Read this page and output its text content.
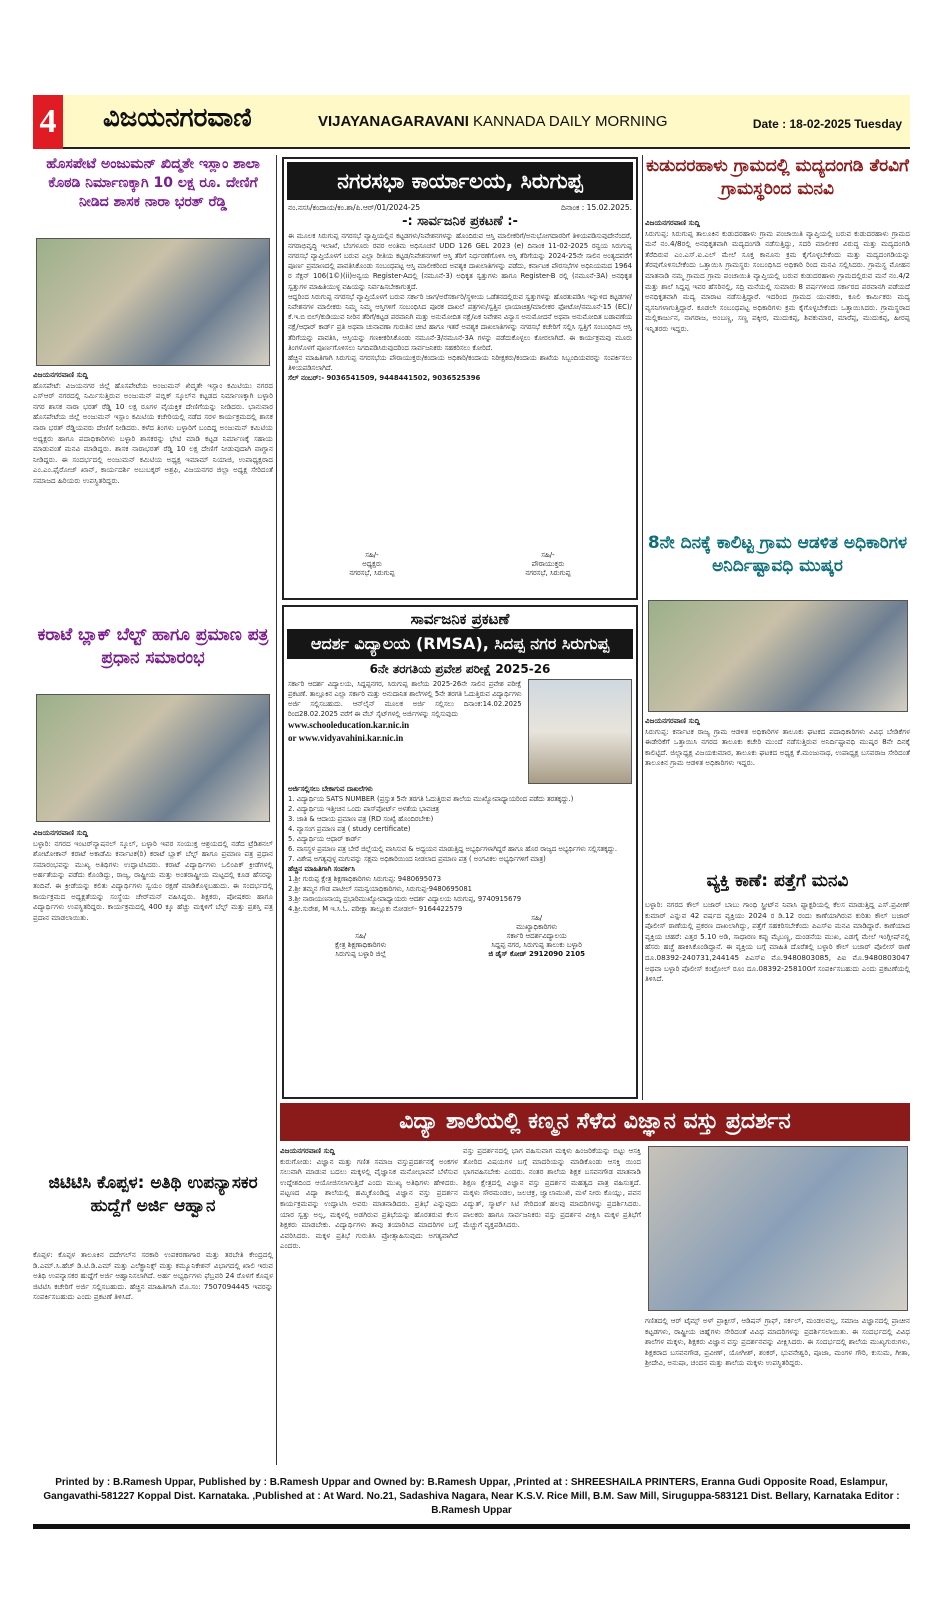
4 ವಿಜಯನಗರವಾಣಿ	VIJAYANAGARAVANI KANNADA DAILY MORNING	Date : 18-02-2025 Tuesday
ಹೊಸಪೇಟೆ ಅಂಜುಮನ್ ಖಿದ್ಮತೇ ಇಸ್ಲಾಂ ಶಾಲಾ ಕೊಠಡಿ ನಿರ್ಮಾಣಕ್ಕಾಗಿ 10 ಲಕ್ಷ ರೂ. ದೇಣಿಗೆ ನೀಡಿದ ಶಾಸಕ ನಾರಾ ಭರತ್ ರೆಡ್ಡಿ
ವಿಜಯನಗರವಾಣಿ ಸುದ್ದಿ
ಹೊಸಪೇಟೆ: ವಿಜಯನಗರ ಜಿಲ್ಲೆ ಹೊಸಪೇಟೆಯ ಅಂಜುಮನ್ ಖಿದ್ಮತೇ ಇಸ್ಲಾಂ ಕಮಿಟಿಯು ನಗರದ ಎಸ್‌ಆರ್ ನಗರದಲ್ಲಿ ನಿರ್ಮಿಸುತ್ತಿರುವ ಅಂಜುಮನ್ ಪಬ್ಲಿಕ್ ಸ್ಕೂಲ್‌ನ ಕಟ್ಟಡದ ನಿರ್ಮಾಣಕ್ಕಾಗಿ ಬಳ್ಳಾರಿ ನಗರ ಶಾಸಕ ನಾರಾ ಭರತ್ ರೆಡ್ಡಿ 10 ಲಕ್ಷ ರೂಗಳ ವೈಯಕ್ತಿಕ ದೇಣಿಗೆಯನ್ನು ನೀಡಿದರು. ಭಾನುವಾರ ಹೊಸಪೇಟೆಯ ಜಿಲ್ಲೆ ಅಂಜುಮನ್ ಇಸ್ಲಾಂ ಕಮಿಟಿಯ ಕಚೇರಿಯಲ್ಲಿ ನಡೆದ ಸರಳ ಕಾರ್ಯಕ್ರಮದಲ್ಲಿ ಶಾಸಕ ನಾರಾ ಭರತ್ ರೆಡ್ಡಿಯವರು ದೇಣಿಗೆ ನೀಡಿದರು. ಕಳೆದ ತಿಂಗಳು ಬಳ್ಳಾರಿಗೆ ಬಂದಿದ್ದ ಅಂಜುಮನ್ ಕಮಿಟಿಯ ಅಧ್ಯಕ್ಷರು ಹಾಗೂ ಪದಾಧಿಕಾರಿಗಳು ಬಳ್ಳಾರಿ ಶಾಸಕರನ್ನು ಭೇಟಿ ಮಾಡಿ ಕಟ್ಟಡ ನಿರ್ಮಾಣಕ್ಕೆ ಸಹಾಯ ಮಾಡುವಂತೆ ಮನವಿ ಮಾಡಿದ್ದರು. ಶಾಸಕ ನಾರಾಭರತ್ ರೆಡ್ಡಿ 10 ಲಕ್ಷ ದೇಣಿಗೆ ನೀಡುವುದಾಗಿ ವಾಗ್ದಾನ ನೀಡಿದ್ದರು. ಈ ಸಂದರ್ಭದಲ್ಲಿ ಅಂಜುಮನ್ ಕಮಿಟಿಯ ಅಧ್ಯಕ್ಷ ಇಮಾಮ್ ನಿಯಾಜಿ, ಉಪಾಧ್ಯಕ್ಷರಾದ ಎಂ.ಎಂ.ಫೈರೋಜ್ ಖಾನ್, ಕಾರ್ಯದರ್ಶಿ ಅಬುಬಕ್ಕರ್ ಅಶ್ರಫಿ, ವಿಜಯನಗರ ಜಿಲ್ಲಾ ಅಧ್ಯಕ್ಷ ಸೇರಿದಂತೆ ಸಮಾಜದ ಹಿರಿಯರು ಉಪಸ್ಥಿತರಿದ್ದರು.
ಕರಾಟೆ ಬ್ಲಾಕ್ ಬೆಲ್ಟ್ ಹಾಗೂ ಪ್ರಮಾಣ ಪತ್ರ ಪ್ರಧಾನ ಸಮಾರಂಭ
ವಿಜಯನಗರವಾಣಿ ಸುದ್ದಿ
ಬಳ್ಳಾರಿ: ನಗರದ ಇಂಟರ್‌ನ್ಯಾಷನಲ್ ಸ್ಕೂಲ್, ಬಳ್ಳಾರಿ ಇವರ ಸಂಯುಕ್ತ ಆಶ್ರಯದಲ್ಲಿ ನಡೆದ ಟ್ರೆಡಿಶನಲ್ ಶೋಟೋಕಾನ್ ಕರಾಟೆ ಅಕಾಡೆಮಿ ಕರ್ನಾಟಕ(ರಿ) ಕರಾಟೆ ಬ್ಲಾಕ್ ಬೆಲ್ಟ್ ಹಾಗೂ ಪ್ರಮಾಣ ಪತ್ರ ಪ್ರಧಾನ ಸಮಾರಂಭವನ್ನು ಮುಖ್ಯ ಅತಿಥಿಗಳು ಉದ್ಘಾಟಿಸಿದರು. ಕರಾಟೆ ವಿದ್ಯಾರ್ಥಿಗಳು ಒಲಿಂಪಿಕ್ ಕ್ರೀಡೆಗಳಲ್ಲಿ ಅರ್ಹತೆಯನ್ನು ಪಡೆದು ಕೊಂಡಿದ್ದು, ರಾಜ್ಯ, ರಾಷ್ಟ್ರೀಯ ಮತ್ತು ಅಂತರಾಷ್ಟ್ರೀಯ ಮಟ್ಟದಲ್ಲಿ ಕೂಡ ಹೆಸರನ್ನು ತಂದಿವೆ. ಈ ಕ್ರೀಡೆಯನ್ನು ಕಲಿತು ವಿದ್ಯಾರ್ಥಿಗಳು ಸ್ವಯಂ ರಕ್ಷಣೆ ಮಾಡಿಕೊಳ್ಳಬಹುದು. ಈ ಸಂದರ್ಭದಲ್ಲಿ ಕಾರ್ಯಕ್ರಮದ ಅಧ್ಯಕ್ಷತೆಯನ್ನು ಸಂಸ್ಥೆಯ ಚೇರ್‌ಮನ್ ವಹಿಸಿದ್ದರು. ಶಿಕ್ಷಕರು, ಪೋಷಕರು ಹಾಗೂ ವಿದ್ಯಾರ್ಥಿಗಳು ಉಪಸ್ಥಿತರಿದ್ದರು. ಕಾರ್ಯಕ್ರಮದಲ್ಲಿ 400 ಕ್ಕೂ ಹೆಚ್ಚು ಮಕ್ಕಳಿಗೆ ಬೆಲ್ಟ್ ಮತ್ತು ಪ್ರಶಸ್ತಿ ಪತ್ರ ಪ್ರದಾನ ಮಾಡಲಾಯಿತು.
ಜಿಟಿಟಿಸಿ ಕೊಪ್ಪಳ: ಅತಿಥಿ ಉಪನ್ಯಾಸಕರ ಹುದ್ದೆಗೆ ಅರ್ಜಿ ಆಹ್ವಾನ
ಕೊಪ್ಪಳ: ಕೊಪ್ಪಳ ತಾಲೂಕಿನ ದದೇಗಲ್‌ನ ಸರಕಾರಿ ಉಪಕರಣಾಗಾರ ಮತ್ತು ತರಬೇತಿ ಕೇಂದ್ರದಲ್ಲಿ ಡಿ.ಎಮ್.ಸಿ.ಹೆಚ್ ಡಿ.ಟಿ.ಡಿ.ಎಮ್ ಮತ್ತು ಎಲೆಕ್ಟ್ರಾನಿಕ್ಸ್ ಮತ್ತು ಕಮ್ಯೂನಿಕೇಶನ್ ವಿಭಾಗದಲ್ಲಿ ಖಾಲಿ ಇರುವ ಅತಿಥಿ ಉಪನ್ಯಾಸಕರ ಹುದ್ದೆಗೆ ಅರ್ಜಿ ಆಹ್ವಾನಿಸಲಾಗಿದೆ. ಅರ್ಹ ಅಭ್ಯರ್ಥಿಗಳು ಫೆಬ್ರವರಿ 24 ರೊಳಗೆ ಕೊಪ್ಪಳ ಜಿಟಿಟಿಸಿ ಕಚೇರಿಗೆ ಅರ್ಜಿ ಸಲ್ಲಿಸಬಹುದು. ಹೆಚ್ಚಿನ ಮಾಹಿತಿಗಾಗಿ ಮೊ.ಸಂ: 7507094445 ಇವರನ್ನು ಸಂಪರ್ಕಿಸಬಹುದು ಎಂದು ಪ್ರಕಟಣೆ ತಿಳಿಸಿದೆ.
ನಗರಸಭಾ ಕಾರ್ಯಾಲಯ, ಸಿರುಗುಪ್ಪ
ನಂ.ನಸಸಿ/ಕಂದಾಯ/ಕಂ.ಶಾ/ಪಿ.ಆರ್/01/2024-25	ದಿನಾಂಕ : 15.02.2025.
-: ಸಾರ್ವಜನಿಕ ಪ್ರಕಟಣೆ :-

ಈ ಮೂಲಕ ಸಿರುಗುಪ್ಪ ನಗರಸಭೆ ವ್ಯಾಪ್ತಿಯಲ್ಲಿನ ಕಟ್ಟಡಗಳು/ನಿವೇಶನಗಳನ್ನು ಹೊಂದಿರುವ ಆಸ್ತಿ ಮಾಲೀಕರಿಗೆ/ಅನುಭೋಗದಾರರಿಗೆ ತಿಳಿಯಪಡಿಸುವುದೇನೆಂದರೆ, ನಗರಾಭಿವೃದ್ಧಿ ಇಲಾಖೆ, ಬೆಂಗಳೂರು ರವರ ಅಂತಿಮ ಅಧಿಸೂಚನೆ UDD 126 GEL 2023 (e) ದಿನಾಂಕ 11-02-2025 ರನ್ವಯ ಸಿರುಗುಪ್ಪ ನಗರಸಭೆ ವ್ಯಾಪ್ತಿಯೊಳಗೆ ಬರುವ ಎಲ್ಲಾ ರೀತಿಯ ಕಟ್ಟಡ/ನಿವೇಶನಗಳಿಗೆ ಆಸ್ತಿ ತೆರಿಗೆ ನಿರ್ಧರಣೆಗೊಳಿಸಿ ಆಸ್ತಿ ತೆರಿಗೆಯನ್ನು 2024-25ನೇ ಸಾಲಿನ ಅಂತ್ಯದವರೆಗೆ ಪೂರ್ಣ ಪ್ರಮಾಣದಲ್ಲಿ ಪಾವತಿಸಿಕೊಂಡು ಸಂಬಂಧಪಟ್ಟ ಆಸ್ತಿ ಮಾಲೀಕರಿಂದ ಅವಶ್ಯಕ ದಾಖಲಾತಿಗಳನ್ನು ಪಡೆದು, ಕರ್ನಾಟಕ ಪೌರಸಭೆಗಳ ಅಧಿನಿಯಮದ 1964 ರ ಸೆಕ್ಷನ್ 106(1©)(ii)ಅನ್ವಯ Register-Aದಲ್ಲಿ (ನಮೂನೆ-3) ಅಧಿಕೃತ ಸ್ವತ್ತುಗಳು ಹಾಗೂ Register-B ರಲ್ಲಿ (ನಮೂನೆ-3A) ಅನಧಿಕೃತ ಸ್ವತ್ತುಗಳ ಮಾಹಿತಿಯುಳ್ಳ ವಹಿಯನ್ನು ನಿರ್ವಹಿಸಬೇಕಾಗುತ್ತದೆ.

ಆದ್ದರಿಂದ ಸಿರುಗುಪ್ಪ ನಗರಸಭೆ ವ್ಯಾಪ್ತಿಯೊಳಗೆ ಬರುವ ಸರ್ಕಾರಿ ಜಾಗ/ಅರೆಸರ್ಕಾರಿ/ಸ್ಥಳೀಯ ಒಡೆತನದಲ್ಲಿರುವ ಸ್ವತ್ತುಗಳನ್ನು ಹೊರತುಪಡಿಸಿ ಇನ್ನುಳಿದ ಕಟ್ಟಡಗಳ/ನಿವೇಶನಗಳ ಮಾಲೀಕರು ನಿಮ್ಮ ನಿಮ್ಮ ಆಸ್ತಿಗಳಿಗೆ ಸಂಬಂಧಿಸಿದ ಪೂರಕ ದಾಖಲೆ ಪತ್ರಗಳು/ಸ್ವತ್ತಿನ ಛಾಯಾಚಿತ್ರ/ಮಾಲೀಕರ ಫೋಟೋ/ನಮೂನೆ-15 (EC)/ ಕೆ.ಇ.ಬಿ ಬಿಲ್/ಕುಡಿಯುವ ನೀರಿನ ತೆರಿಗೆ/ಕಟ್ಟಡ ಪರವಾನಿಗಿ ಮತ್ತು ಅನುಮೋದಿತ ನಕ್ಷೆ/ಏಕ ನಿವೇಶನ ವಿನ್ಯಾಸ ಅನುಮೋದನೆ ಅಥವಾ ಅನುಮೋದಿತ ಬಡಾವಣೆಯ ನಕ್ಷೆ/ಆಧಾರ್ ಕಾರ್ಡ್ ಪ್ರತಿ ಅಥವಾ ಚುನಾವಣಾ ಗುರುತಿನ ಚೀಟಿ ಹಾಗೂ ಇತರೆ ಅವಶ್ಯಕ ದಾಖಲಾತಿಗಳನ್ನು ನಗರಸಭೆ ಕಚೇರಿಗೆ ಸಲ್ಲಿಸಿ ಸ್ವತ್ತಿಗೆ ಸಂಬಂಧಿಸಿದ ಆಸ್ತಿ ತೆರಿಗೆಯನ್ನು ಪಾವತಿಸಿ, ಆಸ್ತಿಯನ್ನು ಗಣಕೀಕರಿಸಿಕೊಂಡು ನಮೂನೆ-3/ನಮೂನೆ-3A ಗಳನ್ನು ಪಡೆದುಕೊಳ್ಳಲು ಕೋರಲಾಗಿದೆ. ಈ ಕಾರ್ಯಕ್ರಮವು ಮೂರು ತಿಂಗಳೊಳಗೆ ಪೂರ್ಣಗೊಳಿಸಲು ನಿಗದಿಪಡಿಸಿರುವುದರಿಂದ ಸಾರ್ವಜನಿಕರು ಸಹಕರಿಸಲು ಕೋರಿದೆ.

ಹೆಚ್ಚಿನ ಮಾಹಿತಿಗಾಗಿ ಸಿರುಗುಪ್ಪ ನಗರಸಭೆಯ ಪೌರಾಯುಕ್ತರು/ಕಂದಾಯ ಅಧಿಕಾರಿ/ಕಂದಾಯ ನಿರೀಕ್ಷಕರು/ಕಂದಾಯ ಶಾಖೆಯ ಸಿಬ್ಬಂದಿಯವರನ್ನು ಸಂಪರ್ಕಿಸಲು ತಿಳಿಯಪಡಿಸಲಾಗಿದೆ.

ಸೆಲ್ ನಂಬರ್:- 9036541509, 9448441502, 9036525396

ಸಹಿ/-
ಅಧ್ಯಕ್ಷರು
ನಗರಸಭೆ, ಸಿರುಗುಪ್ಪ
ಸಹಿ/-
ಪೌರಾಯುಕ್ತರು
ನಗರಸಭೆ, ಸಿರುಗುಪ್ಪ
ಸಾರ್ವಜನಿಕ ಪ್ರಕಟಣೆ
ಆದರ್ಶ ವಿದ್ಯಾಲಯ (RMSA), ಸಿದಪ್ಪ ನಗರ ಸಿರುಗುಪ್ಪ
6ನೇ ತರಗತಿಯ ಪ್ರವೇಶ ಪರೀಕ್ಷೆ 2025-26
ಸರ್ಕಾರಿ ಆದರ್ಶ ವಿದ್ಯಾಲಯ, ಸಿದ್ದಪ್ಪನಗರ, ಸಿರುಗುಪ್ಪ ಶಾಲೆಯ 2025-26ನೇ ಸಾಲಿನ ಪ್ರವೇಶ ಪರೀಕ್ಷೆ ಪ್ರಕಟಣೆ. ತಾಲ್ಲೂಕಿನ ಎಲ್ಲಾ ಸರ್ಕಾರಿ ಮತ್ತು ಅನುದಾನಿತ ಶಾಲೆಗಳಲ್ಲಿ 5ನೇ ತರಗತಿ ಓದುತ್ತಿರುವ ವಿದ್ಯಾರ್ಥಿಗಳು ಅರ್ಜಿ ಸಲ್ಲಿಸಬಹುದು. ಆನ್‌ಲೈನ್ ಮೂಲಕ ಅರ್ಜಿ ಸಲ್ಲಿಸಲು ದಿನಾಂಕ:14.02.2025 ರಿಂದ28.02.2025 ವರೆಗೆ ಈ ವೆಬ್ ಸೈಟ್‌ಗಳಲ್ಲಿ ಅರ್ಜಿಗಳನ್ನು ಸಲ್ಲಿಸುವುದು
www.schooleducation.kar.nic.in
or www.vidyavahini.kar.nic.in
ಅರ್ಜಿಸಲ್ಲಿಸಲು ಬೇಕಾಗುವ ದಾಖಲೆಗಳು
1. ವಿದ್ಯಾರ್ಥಿಯ SATS NUMBER (ಪ್ರಸ್ತುತ 5ನೇ ತರಗತಿ ಓದುತ್ತಿರುವ ಶಾಲೆಯ ಮುಖ್ಯೋಪಾಧ್ಯಾಯರಿಂದ ಪಡೆದು ತರತಕ್ಕದ್ದು.)
2. ವಿದ್ಯಾರ್ಥಿಯ ಇತ್ತೀಚಿನ ಒಂದು ಪಾಸ್‌ಪೋರ್ಟ್ ಅಳತೆಯ ಭಾವಚಿತ್ರ
3. ಜಾತಿ & ಆದಾಯ ಪ್ರಮಾಣ ಪತ್ರ (RD ಸಂಖ್ಯೆ ಹೊಂದಿರಬೇಕು)
4. ವ್ಯಾಸಂಗ ಪ್ರಮಾಣ ಪತ್ರ ( study certificate)
5. ವಿದ್ಯಾರ್ಥಿಯ ಆಧಾರ್ ಕಾರ್ಡ್
6. ವಾಸಸ್ಥಳ ಪ್ರಮಾಣ ಪತ್ರ ಬೇರೆ ಜಿಲ್ಲೆಯಲ್ಲಿ ವಾಸಿಸುವ & ಅಧ್ಯಯನ ಮಾಡುತ್ತಿದ್ದ ಅಭ್ಯರ್ಥಿಗಳಾಗಿದ್ದರೆ ಹಾಗೂ ಹೊರ ರಾಜ್ಯದ ಅಭ್ಯರ್ಥಿಗಳು ಸಲ್ಲಿಸತಕ್ಕದ್ದು.
7. ವಿಶೇಷ ಅಗತ್ಯವುಳ್ಳ ಮಗುವನ್ನು ಸಕ್ಷಮ ಅಧಿಕಾರಿಯಿಂದ ನೀಡಲಾದ ಪ್ರಮಾಣ ಪತ್ರ ( ಅಂಗವಿಕಲ ಅಭ್ಯರ್ಥಿಗಳಿಗೆ ಮಾತ್ರ)
ಹೆಚ್ಚಿನ ಮಾಹಿತಿಗಾಗಿ ಸಂಪರ್ಕಿಸಿ
1.ಶ್ರೀ ಗುರುಪ್ಪ ಕ್ಷೇತ್ರ ಶಿಕ್ಷಣಾಧಿಕಾರಿಗಳು ಸಿರುಗುಪ್ಪ: 9480695073
2.ಶ್ರೀ ತಮ್ಮನ ಗೌಡ ಪಾಟೀಲ್ ಸಮನ್ವಯಾಧಿಕಾರಿಗಳು, ಸಿರುಗುಪ್ಪ-9480695081
3.ಶ್ರೀ ನಾರಾಯಣನಾಯ್ಕ ಪ್ರಭಾರಿಮುಖ್ಯೋಪಾಧ್ಯಾಯರು ಆದರ್ಶ ವಿದ್ಯಾಲಯ ಸಿರುಗುಪ್ಪ, 9740915679
4.ಶ್ರೀ.ಸುರೇಶ, M ಇ.ಸಿ.ಓ. ಪರೀಕ್ಷಾ ತಾಲ್ಲೂಕು ನೋಡಲ್- 9164422579
ಸಹಿ/
ಕ್ಷೇತ್ರ ಶಿಕ್ಷಣಾಧಿಕಾರಿಗಳು
ಸಿರುಗುಪ್ಪ ಬಳ್ಳಾರಿ ಜಿಲ್ಲೆ
ಸಹಿ/
ಮುಖ್ಯಾಧಿಕಾರಿಗಳು
ಸರ್ಕಾರಿ ಆದರ್ಶವಿದ್ಯಾಲಯ
ಸಿದ್ದಪ್ಪ ನಗರ, ಸಿರುಗುಪ್ಪ ತಾಲುಕು ಬಳ್ಳಾರಿ
ಜಿ ಡೈಸ್ ಕೋಡ್ 2912090 2105
ಕುಡುದರಹಾಳು ಗ್ರಾಮದಲ್ಲಿ ಮದ್ಯದಂಗಡಿ ತೆರವಿಗೆ ಗ್ರಾಮಸ್ಥರಿಂದ ಮನವಿ
ವಿಜಯನಗರವಾಣಿ ಸುದ್ದಿ
ಸಿರುಗುಪ್ಪ: ಸಿರುಗುಪ್ಪ ತಾಲೂಕಿನ ಕುಡುದರಹಾಳು ಗ್ರಾಮ ಪಂಚಾಯಿತಿ ವ್ಯಾಪ್ತಿಯಲ್ಲಿ ಬರುವ ಕುಡುದರಹಾಳು ಗ್ರಾಮದ ಮನೆ ನಂ.4/8ರಲ್ಲಿ ಅನಧಿಕೃತವಾಗಿ ಮದ್ಯದಂಗಡಿ ನಡೆಸುತ್ತಿದ್ದು, ಸದರಿ ಮಾಲೀಕರ ವಿರುದ್ಧ ಮತ್ತು ಮದ್ಯದಂಗಡಿ ತೆರೆದಿರುವ ಎಂ.ಎಸ್.ಐ.ಎಲ್ ಮೇಲೆ ಸೂಕ್ತ ಕಾನೂನು ಕ್ರಮ ಕೈಗೊಳ್ಳಬೇಕೆಂದು ಮತ್ತು ಮದ್ಯದಂಗಡಿಯನ್ನು ತೆರವುಗೊಳಿಸಬೇಕೆಂದು ಒತ್ತಾಯಿಸಿ ಗ್ರಾಮಸ್ಥರು ಸಂಬಂಧಿಸಿದ ಅಧಿಕಾರಿ ರಿಂದ ಮನವಿ ಸಲ್ಲಿಸಿದರು. ಗ್ರಾಮಸ್ಥ ಮೋಹನ ಮಾತನಾಡಿ ನಮ್ಮ ಗ್ರಾಮದ ಗ್ರಾಮ ಪಂಚಾಯಿತಿ ವ್ಯಾಪ್ತಿಯಲ್ಲಿ ಬರುವ ಕುಡುದರಹಾಳು ಗ್ರಾಮದಲ್ಲಿರುವ ಮನೆ ನಂ.4/2 ಮತ್ತು ಶಾಲೆ ಸಿದ್ದಪ್ಪ ಇವರ ಹೆಸರಿನಲ್ಲಿ, ಸದ್ರಿ ಮನೆಯಲ್ಲಿ ಸುಮಾರು 8 ವರ್ಷಗಳಿಂದ ಸರ್ಕಾರದ ಪರವಾನಗಿ ಪಡೆಯದೆ ಅನಧಿಕೃತವಾಗಿ ಮದ್ಯ ಮಾರಾಟ ನಡೆಸುತ್ತಿದ್ದಾರೆ. ಇದರಿಂದ ಗ್ರಾಮದ ಯುವಕರು, ಕೂಲಿ ಕಾರ್ಮಿಕರು ಮದ್ಯ ವ್ಯಸನಿಗಳಾಗುತ್ತಿದ್ದಾರೆ. ಕೂಡಲೇ ಸಂಬಂಧಪಟ್ಟ ಅಧಿಕಾರಿಗಳು ಕ್ರಮ ಕೈಗೊಳ್ಳಬೇಕೆಂದು ಒತ್ತಾಯಿಸಿದರು. ಗ್ರಾಮಸ್ಥರಾದ ಮಲ್ಲಿಕಾರ್ಜುನ, ನಾಗರಾಜ, ಅಂಬಣ್ಣ, ಸಣ್ಣ ಪಕ್ಕೀರ, ಮುದುಕಪ್ಪ, ಶಿವಕುಮಾರ, ಮಾರೆಪ್ಪ, ಮುದುಕಪ್ಪ, ಹೀರಪ್ಪ ಇನ್ನಿತರರು ಇದ್ದರು.
8ನೇ ದಿನಕ್ಕೆ ಕಾಲಿಟ್ಟ ಗ್ರಾಮ ಆಡಳಿತ ಅಧಿಕಾರಿಗಳ ಅನಿರ್ದಿಷ್ಟಾವಧಿ ಮುಷ್ಕರ
ವಿಜಯನಗರವಾಣಿ ಸುದ್ದಿ
ಸಿರುಗುಪ್ಪ: ಕರ್ನಾಟಕ ರಾಜ್ಯ ಗ್ರಾಮ ಆಡಳಿತ ಅಧಿಕಾರಿಗಳ ತಾಲೂಕು ಘಟಕದ ಪದಾಧಿಕಾರಿಗಳು ವಿವಿಧ ಬೇಡಿಕೆಗಳ ಈಡೇರಿಕೆಗೆ ಒತ್ತಾಯಿಸಿ ನಗರದ ತಾಲೂಕು ಕಚೇರಿ ಮುಂದೆ ನಡೆಸುತ್ತಿರುವ ಅನಿರ್ದಿಷ್ಟಾವಧಿ ಮುಷ್ಕರ 8ನೇ ದಿನಕ್ಕೆ ಕಾಲಿಟ್ಟಿದೆ. ಜಿಲ್ಲಾಧ್ಯಕ್ಷ ವಿಜಯಕುಮಾರ, ತಾಲೂಕು ಘಟಕದ ಅಧ್ಯಕ್ಷ ಕೆ.ಮಂಜುನಾಥ, ಉಪಾಧ್ಯಕ್ಷ ಬಸವರಾಜ ಸೇರಿದಂತೆ ತಾಲೂಕಿನ ಗ್ರಾಮ ಆಡಳಿತ ಅಧಿಕಾರಿಗಳು ಇದ್ದರು.
ವ್ಯಕ್ತಿ ಕಾಣೆ: ಪತ್ತೆಗೆ ಮನವಿ
ಬಳ್ಳಾರಿ: ನಗರದ ಕೌಲ್ ಬಜಾರ್ ಬಾಬು ಗಾಂಧಿ ಸ್ಟ್ರೀಟ್‌ನ ನಿವಾಸಿ ಫ್ಯಾಕ್ಟರಿಯಲ್ಲಿ ಕೆಲಸ ಮಾಡುತ್ತಿದ್ದ ಎಸ್.ಪ್ರವೀಣ್ ಕುಮಾರ್ ಎನ್ನುವ 42 ವರ್ಷದ ವ್ಯಕ್ತಿಯು 2024 ರ ಡಿ.12 ರಂದು ಕಾಣೆಯಾಗಿರುವ ಕುರಿತು ಕೌಲ್ ಬಜಾರ್ ಪೊಲೀಸ್ ಠಾಣೆಯಲ್ಲಿ ಪ್ರಕರಣ ದಾಖಲಾಗಿದ್ದು, ಪತ್ತೆಗೆ ಸಹಕರಿಸಬೇಕೆಂದು ಪಿಎಸ್‌ಐ ಮನವಿ ಮಾಡಿದ್ದಾರೆ. ಕಾಣೆಯಾದ ವ್ಯಕ್ತಿಯ ಚಹರೆ: ಎತ್ತರ 5.10 ಅಡಿ, ಸಾಧಾರಣ ಕಪ್ಪು ಮೈಬಣ್ಣ, ದುಂಡನೆಯ ಮುಖ, ಎಡಗೈ ಮೇಲೆ ಇಂಗ್ಲೀಷ್‌ನಲ್ಲಿ ಹೆಸರು ಹಚ್ಚೆ ಹಾಕಿಸಿಕೊಂಡಿದ್ದಾನೆ. ಈ ವ್ಯಕ್ತಿಯ ಬಗ್ಗೆ ಮಾಹಿತಿ ದೊರೆತಲ್ಲಿ ಬಳ್ಳಾರಿ ಕೌಲ್ ಬಜಾರ್ ಪೊಲೀಸ್ ಠಾಣೆ ದೂ.08392-240731,244145 ಪಿಎಸ್‌ಐ ಮೊ.9480803085, ಪಿಐ ಮೊ.9480803047 ಅಥವಾ ಬಳ್ಳಾರಿ ಪೊಲೀಸ್ ಕಂಟ್ರೋಲ್ ರೂಂ ದೂ.08392-258100ಗೆ ಸಂಪರ್ಕಿಸಬಹುದು ಎಂದು ಪ್ರಕಟಣೆಯಲ್ಲಿ ತಿಳಿಸಿದೆ.
ವಿದ್ಯಾ ಶಾಲೆಯಲ್ಲಿ ಕಣ್ಮನ ಸೆಳೆದ ವಿಜ್ಞಾನ ವಸ್ತು ಪ್ರದರ್ಶನ
ವಿಜಯನಗರವಾಣಿ ಸುದ್ದಿ
ಕುರುಗೋಡು: ವಿಜ್ಞಾನ ಮತ್ತು ಗಣಿತ ಸಮಾಜ ವಸ್ತುಪ್ರದರ್ಶನಕ್ಕೆ ಅಂಕಗಳ ಸಲುವಾಗಿ ಮಾಡುವ ಬದಲು ಮಕ್ಕಳಲ್ಲಿ ವೈಜ್ಞಾನಿಕ ಮನೋಭಾವನೆ ಬೆಳೆಸುವ ಉದ್ದೇಶದಿಂದ ಆಯೋಜಿಸಲಾಗುತ್ತಿದೆ ಎಂದು ಮುಖ್ಯ ಅತಿಥಿಗಳು ಹೇಳಿದರು. ಪಟ್ಟಣದ ವಿದ್ಯಾ ಶಾಲೆಯಲ್ಲಿ ಹಮ್ಮಿಕೊಂಡಿದ್ದ ವಿಜ್ಞಾನ ವಸ್ತು ಪ್ರದರ್ಶನ ಕಾರ್ಯಕ್ರಮವನ್ನು ಉದ್ಘಾಟಿಸಿ ಅವರು ಮಾತನಾಡಿದರು. ಪ್ರತಿಭೆ ಎನ್ನುವುದು ಯಾರ ಸ್ವತ್ತು ಅಲ್ಲ, ಮಕ್ಕಳಲ್ಲಿ ಅಡಗಿರುವ ಪ್ರತಿಭೆಯನ್ನು ಹೊರತರುವ ಕೆಲಸ ಶಿಕ್ಷಕರು ಮಾಡಬೇಕು. ವಿದ್ಯಾರ್ಥಿಗಳು ತಾವು ತಯಾರಿಸಿದ ಮಾದರಿಗಳ ಬಗ್ಗೆ ವಿವರಿಸಿದರು. ಮಕ್ಕಳ ಪ್ರತಿಭೆ ಗುರುತಿಸಿ ಪ್ರೋತ್ಸಾಹಿಸುವುದು ಅಗತ್ಯವಾಗಿದೆ ಎಂದರು.
ವಸ್ತು ಪ್ರದರ್ಶನದಲ್ಲಿ ಭಾಗ ವಹಿಸುವಾಗ ಮಕ್ಕಳು ಹಿಂಜರಿಕೆಯನ್ನು ಬಿಟ್ಟು ಆಸಕ್ತಿ ತೋರಿದ ವಿಷಯಗಳ ಬಗ್ಗೆ ಮಾದರಿಯನ್ನು ಮಾಡಿಕೊಂಡು ಆಸಕ್ತಿ ಯಿಂದ ಭಾಗವಹಿಸಬೇಕು ಎಂದರು. ನಂತರ ಶಾಲೆಯ ಶಿಕ್ಷಕ ಬಸವನಗೌಡ ಮಾತನಾಡಿ ಶಿಕ್ಷಣ ಕ್ಷೇತ್ರದಲ್ಲಿ ವಿಜ್ಞಾನ ವಸ್ತು ಪ್ರದರ್ಶನ ಮಹತ್ವದ ಪಾತ್ರ ವಹಿಸುತ್ತದೆ. ಮಕ್ಕಳು ಸೌರಮಂಡಲ, ಜಲಚಕ್ರ, ಜ್ವಾಲಾಮುಖಿ, ಮಳೆ ನೀರು ಕೊಯ್ಲು, ಪವನ ವಿದ್ಯುತ್, ಸ್ಮಾರ್ಟ್ ಸಿಟಿ ಸೇರಿದಂತೆ ಹಲವು ಮಾದರಿಗಳನ್ನು ಪ್ರದರ್ಶಿಸಿದರು. ಪಾಲಕರು ಹಾಗೂ ಸಾರ್ವಜನಿಕರು ವಸ್ತು ಪ್ರದರ್ಶನ ವೀಕ್ಷಿಸಿ ಮಕ್ಕಳ ಪ್ರತಿಭೆಗೆ ಮೆಚ್ಚುಗೆ ವ್ಯಕ್ತಪಡಿಸಿದರು.
ಗಣಿತದಲ್ಲಿ ಆರ್ ಟೈಮ್ಸ್ ಅಳ್ ಪ್ರಾಕ್ಟೀಸ್, ಆಡಿಷನ್ ಗ್ರಾಫ್, ಸರ್ಕಲ್, ಮಂಡಲವಲ್ಲ, ಸಮಾಜ ವಿಜ್ಞಾನದಲ್ಲಿ ಪ್ರಾಚೀನ ಕಟ್ಟಡಗಳು, ರಾಷ್ಟ್ರೀಯ ಚಿಹ್ನೆಗಳು ಸೇರಿದಂತೆ ವಿವಿಧ ಮಾದರಿಗಳನ್ನು ಪ್ರದರ್ಶಿಸಲಾಯಿತು. ಈ ಸಂದರ್ಭದಲ್ಲಿ ವಿವಿಧ ಶಾಲೆಗಳ ಮಕ್ಕಳು, ಶಿಕ್ಷಕರು ವಿಜ್ಞಾನ ವಸ್ತು ಪ್ರದರ್ಶನವನ್ನು ವೀಕ್ಷಿಸಿದರು. ಈ ಸಂದರ್ಭದಲ್ಲಿ ಶಾಲೆಯ ಮುಖ್ಯಗುರುಗಳು, ಶಿಕ್ಷಕರಾದ ಬಸವನಗೌಡ, ಪ್ರವೀಣ್, ಯೋಗೀಶ್, ಶಂಕರ್, ಭುವನೇಶ್ವರಿ, ಪೂಜಾ, ಮಂಗಳ ಗೌರಿ, ಕುಸುಮ, ಗೀತಾ, ಶ್ರೀದೇವಿ, ಅನುಷಾ, ಚಂದನ ಮತ್ತು ಶಾಲೆಯ ಮಕ್ಕಳು ಉಪಸ್ಥಿತರಿದ್ದರು.
Printed by : B.Ramesh Uppar, Published by : B.Ramesh Uppar and Owned by: B.Ramesh Uppar, ,Printed at : SHREESHAILA PRINTERS, Eranna Gudi Opposite Road, Eslampur, Gangavathi-581227 Koppal Dist. Karnataka. ,Published at : At Ward. No.21, Sadashiva Nagara, Near K.S.V. Rice Mill, B.M. Saw Mill, Siruguppa-583121 Dist. Bellary, Karnataka Editor : B.Ramesh Uppar
